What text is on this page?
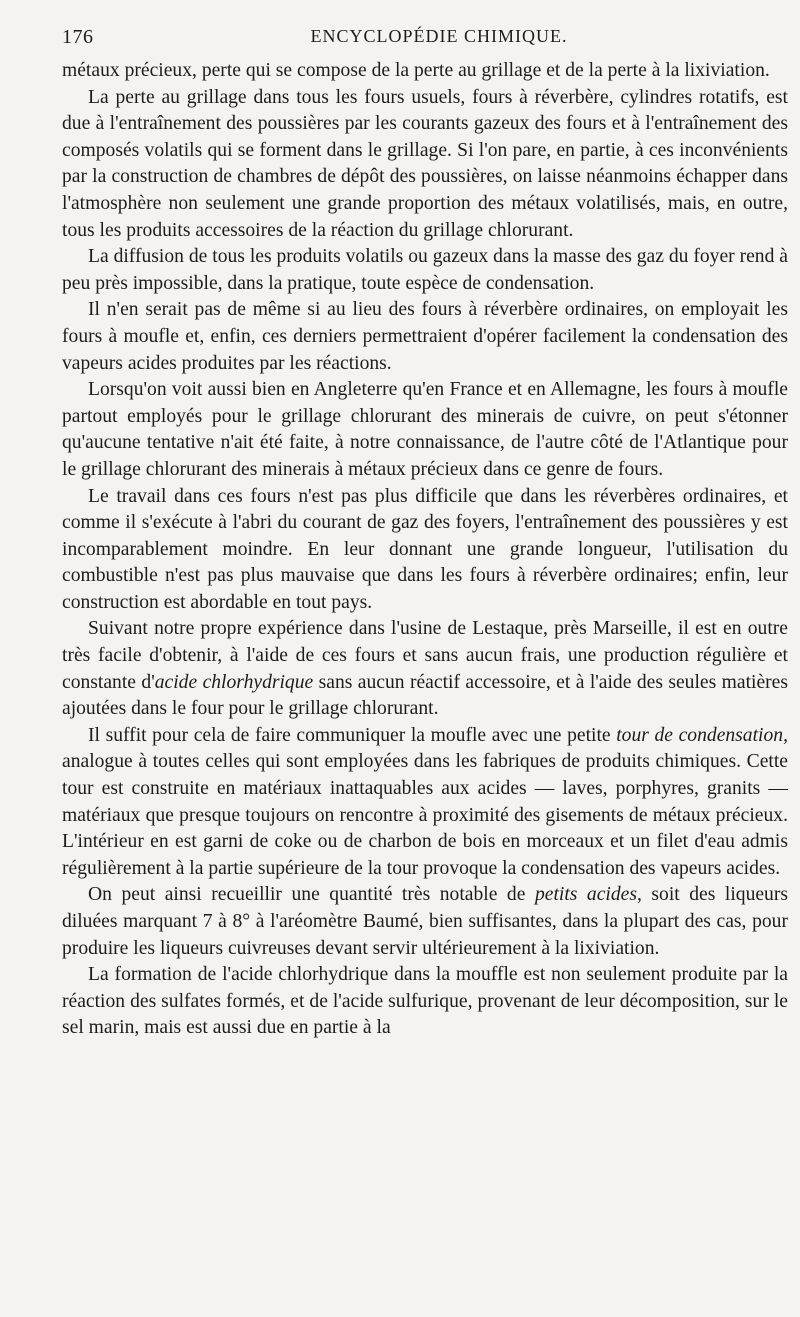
176	ENCYCLOPÉDIE CHIMIQUE.

métaux précieux, perte qui se compose de la perte au grillage et de la perte à la lixiviation.

La perte au grillage dans tous les fours usuels, fours à réverbère, cylindres rotatifs, est due à l'entraînement des poussières par les courants gazeux des fours et à l'entraînement des composés volatils qui se forment dans le grillage. Si l'on pare, en partie, à ces inconvénients par la construction de chambres de dépôt des poussières, on laisse néanmoins échapper dans l'atmosphère non seulement une grande proportion des métaux volatilisés, mais, en outre, tous les produits accessoires de la réaction du grillage chlorurant.

La diffusion de tous les produits volatils ou gazeux dans la masse des gaz du foyer rend à peu près impossible, dans la pratique, toute espèce de condensation.

Il n'en serait pas de même si au lieu des fours à réverbère ordinaires, on employait les fours à moufle et, enfin, ces derniers permettraient d'opérer facilement la condensation des vapeurs acides produites par les réactions.

Lorsqu'on voit aussi bien en Angleterre qu'en France et en Allemagne, les fours à moufle partout employés pour le grillage chlorurant des minerais de cuivre, on peut s'étonner qu'aucune tentative n'ait été faite, à notre connaissance, de l'autre côté de l'Atlantique pour le grillage chlorurant des minerais à métaux précieux dans ce genre de fours.

Le travail dans ces fours n'est pas plus difficile que dans les réverbères ordinaires, et comme il s'exécute à l'abri du courant de gaz des foyers, l'entraînement des poussières y est incomparablement moindre. En leur donnant une grande longueur, l'utilisation du combustible n'est pas plus mauvaise que dans les fours à réverbère ordinaires; enfin, leur construction est abordable en tout pays.

Suivant notre propre expérience dans l'usine de Lestaque, près Marseille, il est en outre très facile d'obtenir, à l'aide de ces fours et sans aucun frais, une production régulière et constante d'acide chlorhydrique sans aucun réactif accessoire, et à l'aide des seules matières ajoutées dans le four pour le grillage chlorurant.

Il suffit pour cela de faire communiquer la moufle avec une petite tour de condensation, analogue à toutes celles qui sont employées dans les fabriques de produits chimiques. Cette tour est construite en matériaux inattaquables aux acides — laves, porphyres, granits — matériaux que presque toujours on rencontre à proximité des gisements de métaux précieux. L'intérieur en est garni de coke ou de charbon de bois en morceaux et un filet d'eau admis régulièrement à la partie supérieure de la tour provoque la condensation des vapeurs acides.

On peut ainsi recueillir une quantité très notable de petits acides, soit des liqueurs diluées marquant 7 à 8° à l'aréomètre Baumé, bien suffisantes, dans la plupart des cas, pour produire les liqueurs cuivreuses devant servir ultérieurement à la lixiviation.

La formation de l'acide chlorhydrique dans la mouffle est non seulement produite par la réaction des sulfates formés, et de l'acide sulfurique, provenant de leur décomposition, sur le sel marin, mais est aussi due en partie à la
